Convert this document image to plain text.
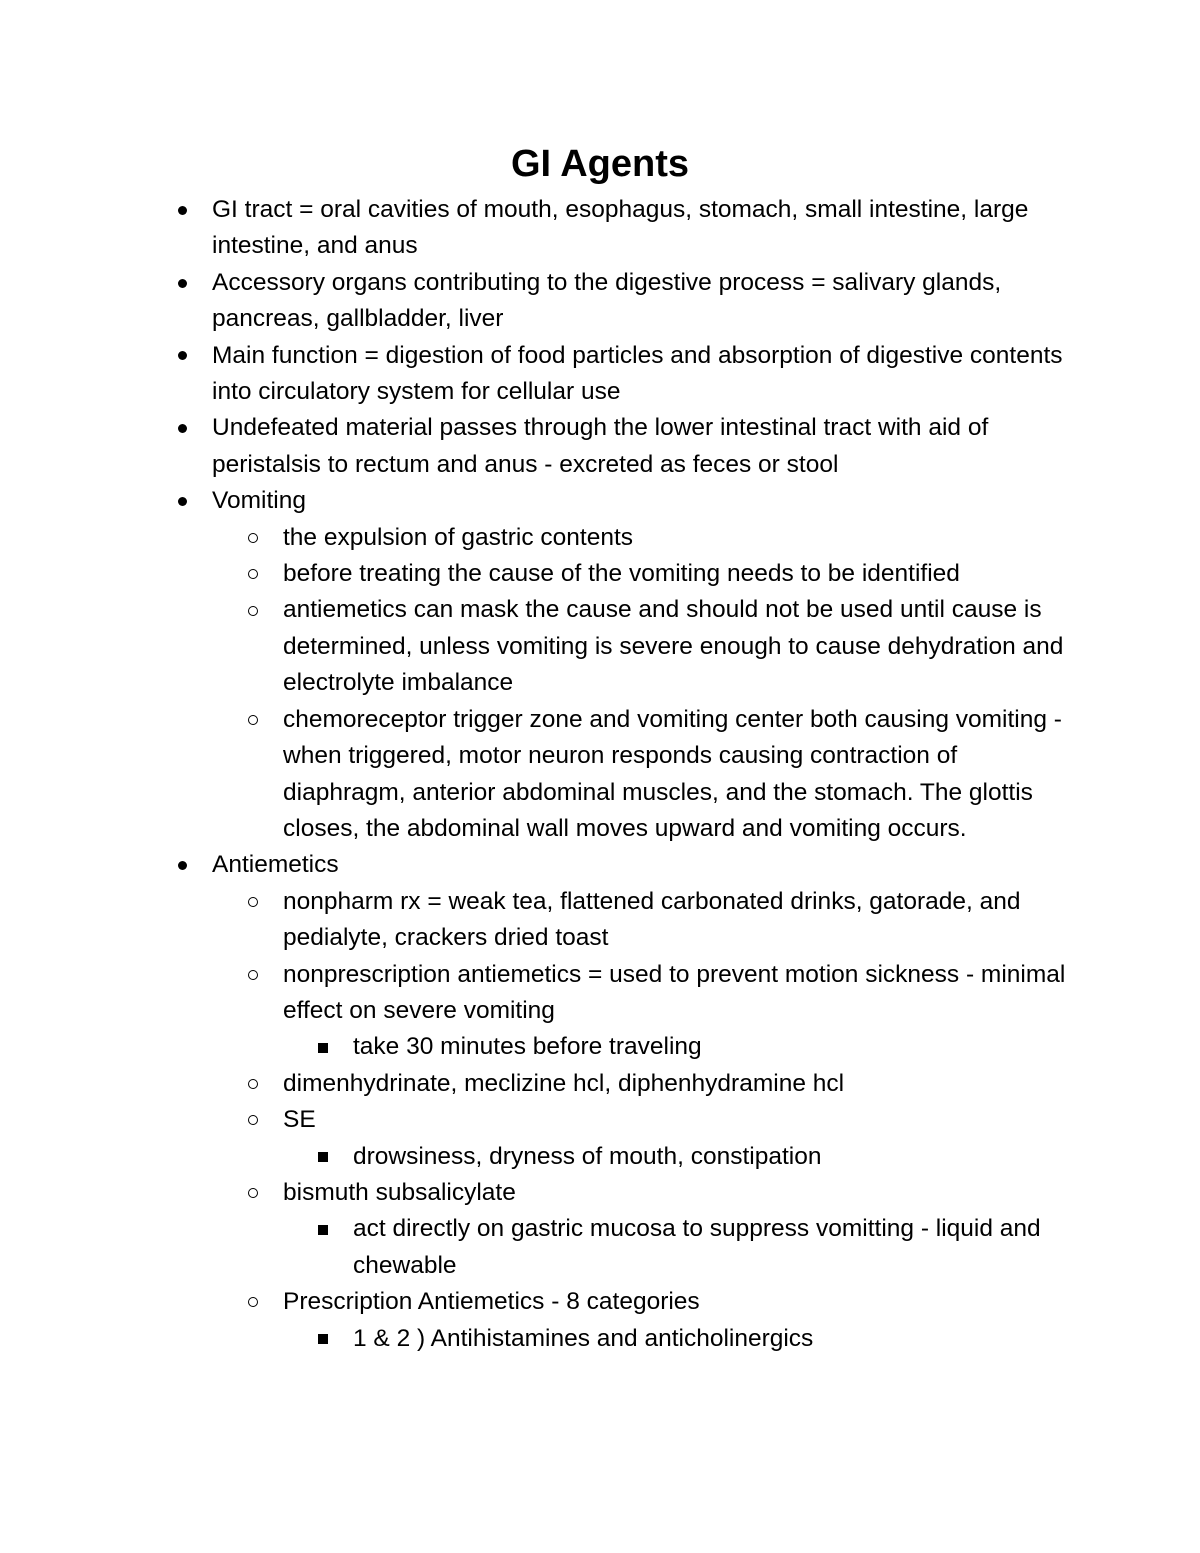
GI Agents
GI tract = oral cavities of mouth, esophagus, stomach, small intestine, large intestine, and anus
Accessory organs contributing to the digestive process = salivary glands, pancreas, gallbladder, liver
Main function = digestion of food particles and absorption of digestive contents into circulatory system for cellular use
Undefeated material passes through the lower intestinal tract with aid of peristalsis to rectum and anus - excreted as feces or stool
Vomiting
the expulsion of gastric contents
before treating the cause of the vomiting needs to be identified
antiemetics can mask the cause and should not be used until cause is determined, unless vomiting is severe enough to cause dehydration and electrolyte imbalance
chemoreceptor trigger zone and vomiting center both causing vomiting - when triggered, motor neuron responds causing contraction of diaphragm, anterior abdominal muscles, and the stomach. The glottis closes, the abdominal wall moves upward and vomiting occurs.
Antiemetics
nonpharm rx = weak tea, flattened carbonated drinks, gatorade, and pedialyte, crackers dried toast
nonprescription antiemetics = used to prevent motion sickness - minimal effect on severe vomiting
take 30 minutes before traveling
dimenhydrinate, meclizine hcl, diphenhydramine hcl
SE
drowsiness, dryness of mouth, constipation
bismuth subsalicylate
act directly on gastric mucosa to suppress vomitting - liquid and chewable
Prescription Antiemetics - 8 categories
1 & 2 ) Antihistamines and anticholinergics
